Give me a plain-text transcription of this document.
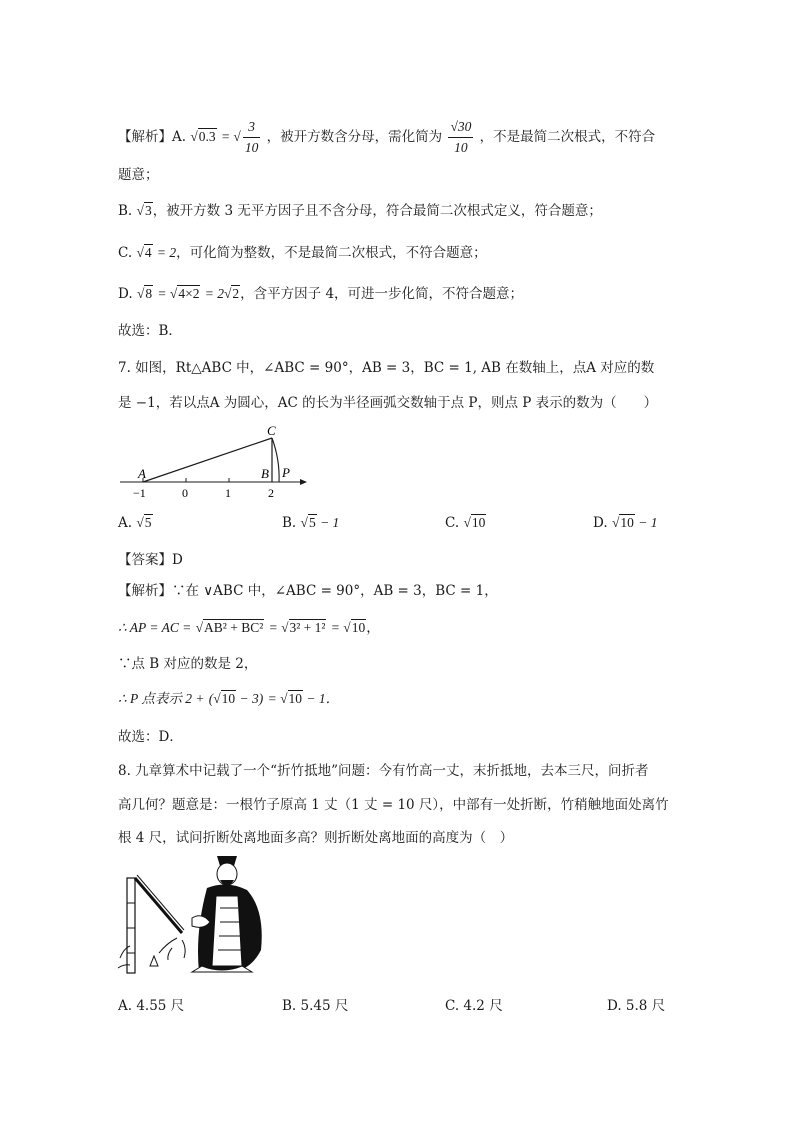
【解析】A. √0.3 = √ $\frac{3}{10}$ ，被开方数含分母，需化简为 $\frac{√30}{10}$ ，不是最简二次根式，不符合
题意；
B. √3，被开方数 3 无平方因子且不含分母，符合最简二次根式定义，符合题意；
C. √4 = 2，可化简为整数，不是最简二次根式，不符合题意；
D. √8 = √4×2 = 2√2，含平方因子 4，可进一步化简，不符合题意；
故选：B．
7. 如图，Rt△ABC 中，∠ABC = 90°，AB = 3，BC = 1, AB 在数轴上，点A 对应的数
是 −1，若以点A 为圆心，AC 的长为半径画弧交数轴于点 P，则点 P 表示的数为（　　）
C
A	B P
−1	0	1	2
A. √5	B. √5 − 1	C. √10	D. √10 − 1
【答案】D
【解析】∵在 ∨ABC 中，∠ABC = 90°，AB = 3，BC = 1，
∴ AP = AC = √AB² + BC² = √3² + 1² = √10，
∵点 B 对应的数是 2，
∴ P 点表示 2 + (√10 − 3) = √10 − 1．
故选：D．
8. 九章算术中记载了一个“折竹抵地”问题：今有竹高一丈，末折抵地，去本三尺，问折者
高几何？题意是：一根竹子原高 1 丈（1 丈 = 10 尺），中部有一处折断，竹稍触地面处离竹
根 4 尺，试问折断处离地面多高？则折断处离地面的高度为（　）
A. 4.55 尺	B. 5.45 尺	C. 4.2 尺	D. 5.8 尺
